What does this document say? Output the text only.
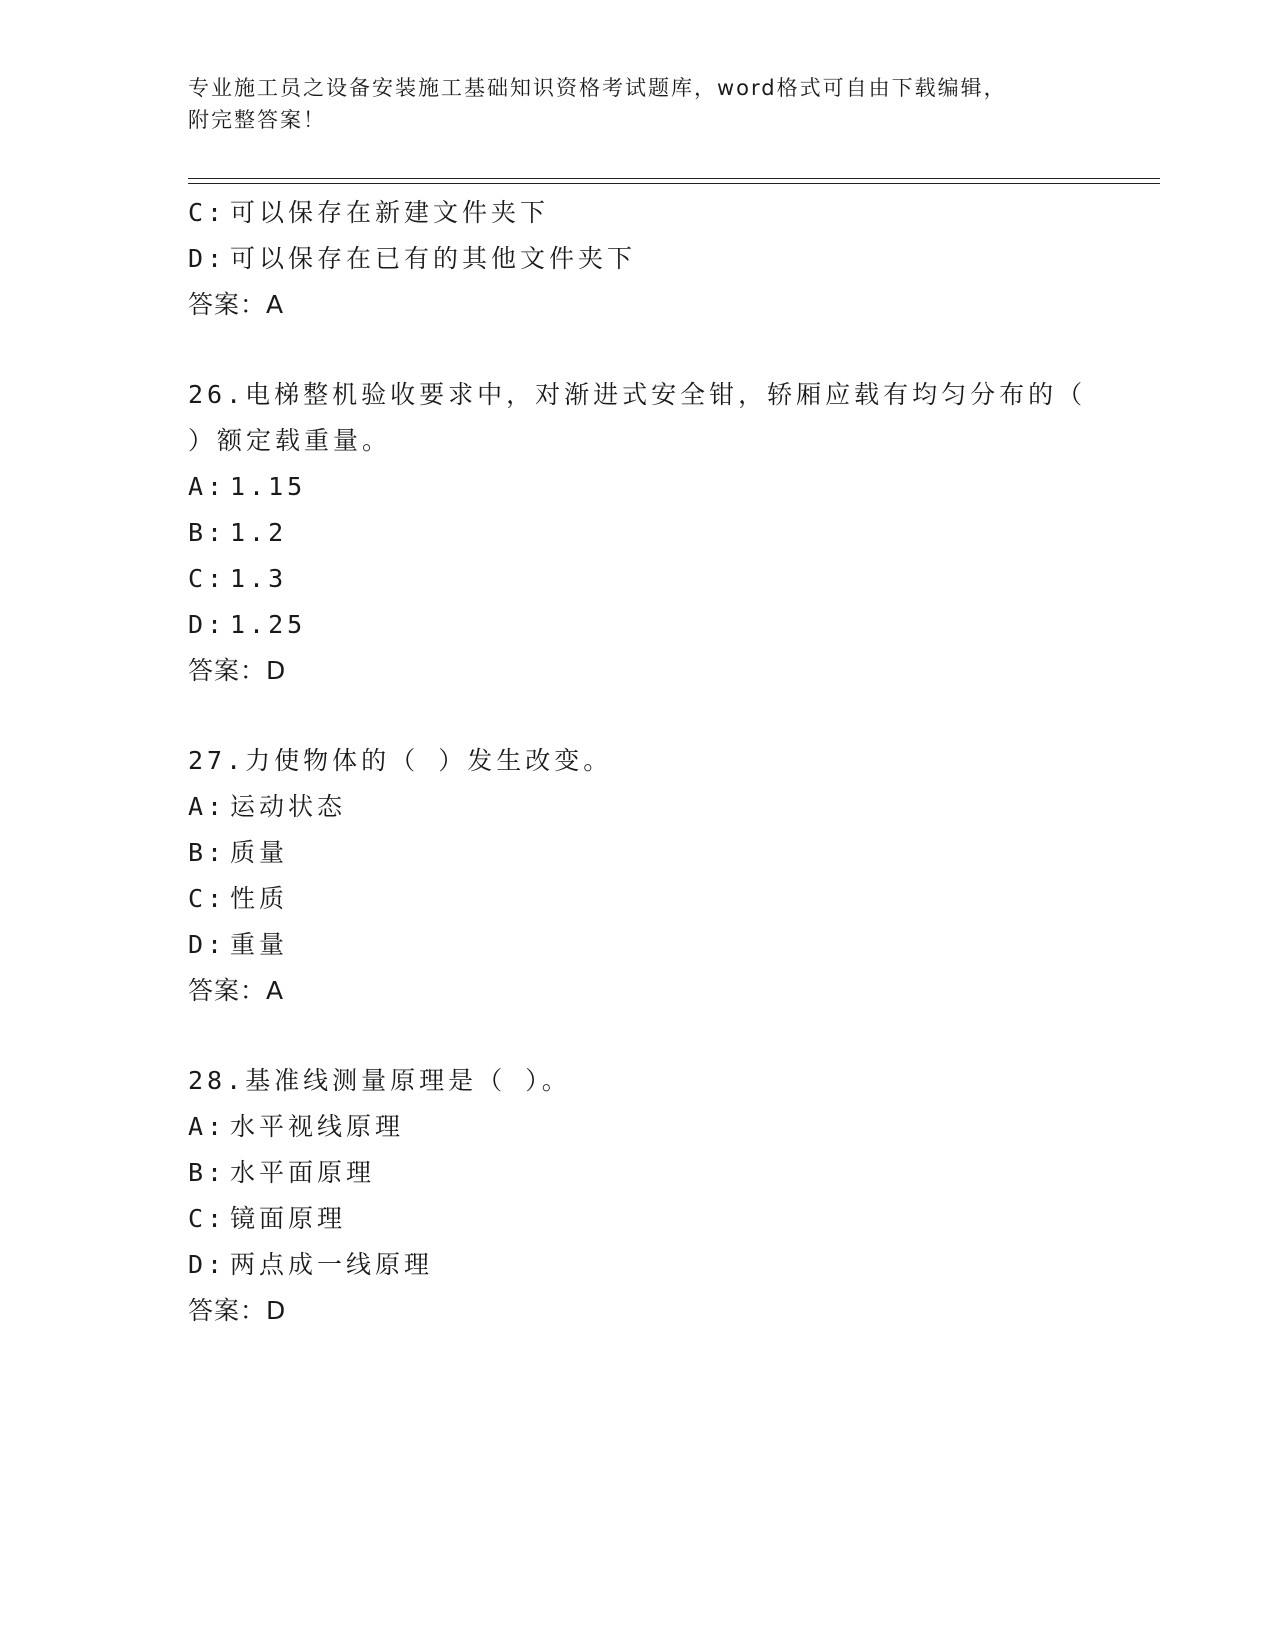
专业施工员之设备安装施工基础知识资格考试题库，word格式可自由下载编辑，
附完整答案！
C: 可以保存在新建文件夹下
D: 可以保存在已有的其他文件夹下
答案：A
26.电梯整机验收要求中，对渐进式安全钳，轿厢应载有均匀分布的（
）额定载重量。
A: 1.15
B: 1.2
C: 1.3
D: 1.25
答案：D
27.力使物体的（ ）发生改变。
A: 运动状态
B: 质量
C: 性质
D: 重量
答案：A
28.基准线测量原理是（ ）。
A: 水平视线原理
B: 水平面原理
C: 镜面原理
D: 两点成一线原理
答案：D
